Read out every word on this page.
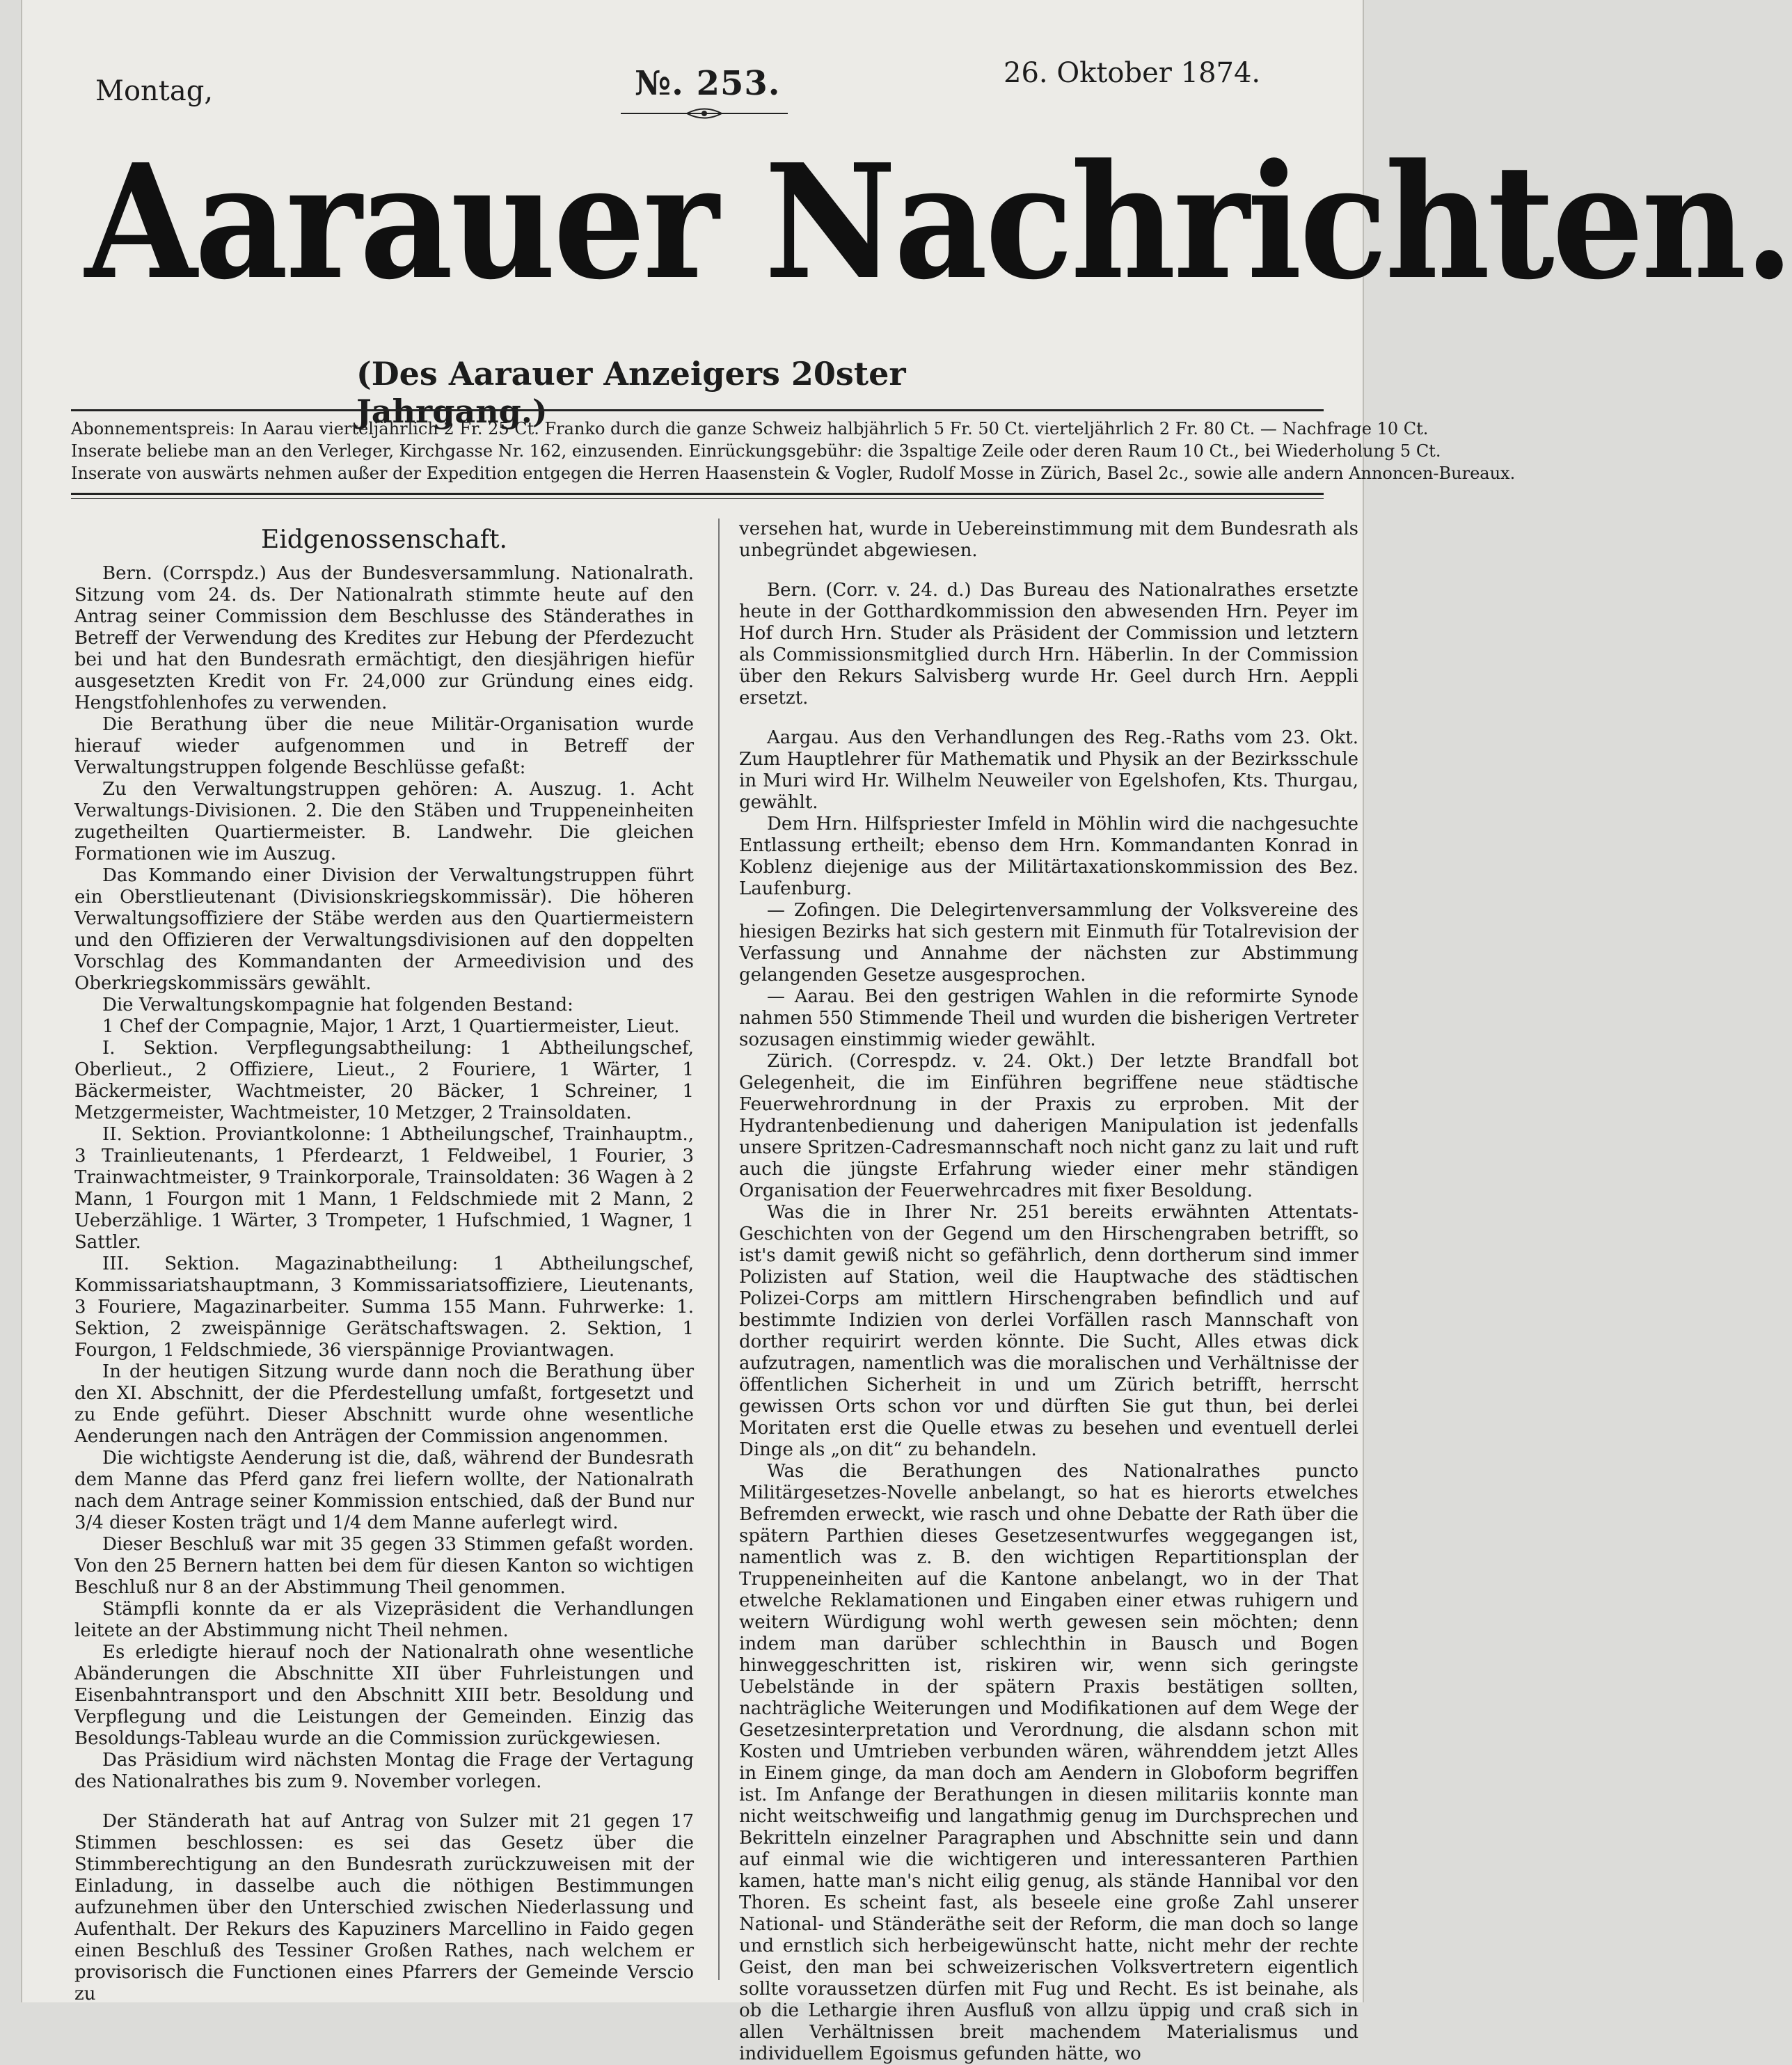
Montag,	№. 253.	26. Oktober 1874.
Aarauer Nachrichten.
(Des Aarauer Anzeigers 20ster Jahrgang.)
Abonnementspreis: In Aarau vierteljährlich 2 Fr. 25 Ct. Franko durch die ganze Schweiz halbjährlich 5 Fr. 50 Ct. vierteljährlich 2 Fr. 80 Ct. — Nachfrage 10 Ct.
Inserate beliebe man an den Verleger, Kirchgasse Nr. 162, einzusenden. Einrückungsgebühr: die 3spaltige Zeile oder deren Raum 10 Ct., bei Wiederholung 5 Ct.
Inserate von auswärts nehmen außer der Expedition entgegen die Herren Haasenstein & Vogler, Rudolf Mosse in Zürich, Basel 2c., sowie alle andern Annoncen-Bureaux.

Eidgenossenschaft.

Bern. (Corrspdz.) Aus der Bundesversammlung. Nationalrath. Sitzung vom 24. ds. Der Nationalrath stimmte heute auf den Antrag seiner Commission dem Beschlusse des Ständerathes in Betreff der Verwendung des Kredites zur Hebung der Pferdezucht bei und hat den Bundesrath ermächtigt, den diesjährigen hiefür ausgesetzten Kredit von Fr. 24,000 zur Gründung eines eidg. Hengstfohlenhofes zu verwenden.

Die Berathung über die neue Militär-Organisation wurde hierauf wieder aufgenommen und in Betreff der Verwaltungstruppen folgende Beschlüsse gefaßt:

Zu den Verwaltungstruppen gehören: A. Auszug. 1. Acht Verwaltungs-Divisionen. 2. Die den Stäben und Truppeneinheiten zugetheilten Quartiermeister. B. Landwehr. Die gleichen Formationen wie im Auszug.

Das Kommando einer Division der Verwaltungstruppen führt ein Oberstlieutenant (Divisionskriegskommissär). Die höheren Verwaltungsoffiziere der Stäbe werden aus den Quartiermeistern und den Offizieren der Verwaltungsdivisionen auf den doppelten Vorschlag des Kommandanten der Armeedivision und des Oberkriegskommissärs gewählt.

Die Verwaltungskompagnie hat folgenden Bestand:

1 Chef der Compagnie, Major, 1 Arzt, 1 Quartiermeister, Lieut.

I. Sektion. Verpflegungsabtheilung: 1 Abtheilungschef, Oberlieut., 2 Offiziere, Lieut., 2 Fouriere, 1 Wärter, 1 Bäckermeister, Wachtmeister, 20 Bäcker, 1 Schreiner, 1 Metzgermeister, Wachtmeister, 10 Metzger, 2 Trainsoldaten.

II. Sektion. Proviantkolonne: 1 Abtheilungschef, Trainhauptm., 3 Trainlieutenants, 1 Pferdearzt, 1 Feldweibel, 1 Fourier, 3 Trainwachtmeister, 9 Trainkorporale, Trainsoldaten: 36 Wagen à 2 Mann, 1 Fourgon mit 1 Mann, 1 Feldschmiede mit 2 Mann, 2 Ueberzählige. 1 Wärter, 3 Trompeter, 1 Hufschmied, 1 Wagner, 1 Sattler.

III. Sektion. Magazinabtheilung: 1 Abtheilungschef, Kommissariatshauptmann, 3 Kommissariatsoffiziere, Lieutenants, 3 Fouriere, Magazinarbeiter. Summa 155 Mann. Fuhrwerke: 1. Sektion, 2 zweispännige Gerätschaftswagen. 2. Sektion, 1 Fourgon, 1 Feldschmiede, 36 vierspännige Proviantwagen.

In der heutigen Sitzung wurde dann noch die Berathung über den XI. Abschnitt, der die Pferdestellung umfaßt, fortgesetzt und zu Ende geführt. Dieser Abschnitt wurde ohne wesentliche Aenderungen nach den Anträgen der Commission angenommen.

Die wichtigste Aenderung ist die, daß, während der Bundesrath dem Manne das Pferd ganz frei liefern wollte, der Nationalrath nach dem Antrage seiner Kommission entschied, daß der Bund nur 3/4 dieser Kosten trägt und 1/4 dem Manne auferlegt wird.

Dieser Beschluß war mit 35 gegen 33 Stimmen gefaßt worden. Von den 25 Bernern hatten bei dem für diesen Kanton so wichtigen Beschluß nur 8 an der Abstimmung Theil genommen.

Stämpfli konnte da er als Vizepräsident die Verhandlungen leitete an der Abstimmung nicht Theil nehmen.

Es erledigte hierauf noch der Nationalrath ohne wesentliche Abänderungen die Abschnitte XII über Fuhrleistungen und Eisenbahntransport und den Abschnitt XIII betr. Besoldung und Verpflegung und die Leistungen der Gemeinden. Einzig das Besoldungs-Tableau wurde an die Commission zurückgewiesen.

Das Präsidium wird nächsten Montag die Frage der Vertagung des Nationalrathes bis zum 9. November vorlegen.

Der Ständerath hat auf Antrag von Sulzer mit 21 gegen 17 Stimmen beschlossen: es sei das Gesetz über die Stimmberechtigung an den Bundesrath zurückzuweisen mit der Einladung, in dasselbe auch die nöthigen Bestimmungen aufzunehmen über den Unterschied zwischen Niederlassung und Aufenthalt. Der Rekurs des Kapuziners Marcellino in Faido gegen einen Beschluß des Tessiner Großen Rathes, nach welchem er provisorisch die Functionen eines Pfarrers der Gemeinde Verscio zu

versehen hat, wurde in Uebereinstimmung mit dem Bundesrath als unbegründet abgewiesen.

Bern. (Corr. v. 24. d.) Das Bureau des Nationalrathes ersetzte heute in der Gotthardkommission den abwesenden Hrn. Peyer im Hof durch Hrn. Studer als Präsident der Commission und letztern als Commissionsmitglied durch Hrn. Häberlin. In der Commission über den Rekurs Salvisberg wurde Hr. Geel durch Hrn. Aeppli ersetzt.

Aargau. Aus den Verhandlungen des Reg.-Raths vom 23. Okt. Zum Hauptlehrer für Mathematik und Physik an der Bezirksschule in Muri wird Hr. Wilhelm Neuweiler von Egelshofen, Kts. Thurgau, gewählt.

Dem Hrn. Hilfspriester Imfeld in Möhlin wird die nachgesuchte Entlassung ertheilt; ebenso dem Hrn. Kommandanten Konrad in Koblenz diejenige aus der Militärtaxationskommission des Bez. Laufenburg.

— Zofingen. Die Delegirtenversammlung der Volksvereine des hiesigen Bezirks hat sich gestern mit Einmuth für Totalrevision der Verfassung und Annahme der nächsten zur Abstimmung gelangenden Gesetze ausgesprochen.

— Aarau. Bei den gestrigen Wahlen in die reformirte Synode nahmen 550 Stimmende Theil und wurden die bisherigen Vertreter sozusagen einstimmig wieder gewählt.

Zürich. (Correspdz. v. 24. Okt.) Der letzte Brandfall bot Gelegenheit, die im Einführen begriffene neue städtische Feuerwehrordnung in der Praxis zu erproben. Mit der Hydrantenbedienung und daherigen Manipulation ist jedenfalls unsere Spritzen-Cadresmannschaft noch nicht ganz zu lait und ruft auch die jüngste Erfahrung wieder einer mehr ständigen Organisation der Feuerwehrcadres mit fixer Besoldung.

Was die in Ihrer Nr. 251 bereits erwähnten Attentats-Geschichten von der Gegend um den Hirschengraben betrifft, so ist's damit gewiß nicht so gefährlich, denn dortherum sind immer Polizisten auf Station, weil die Hauptwache des städtischen Polizei-Corps am mittlern Hirschengraben befindlich und auf bestimmte Indizien von derlei Vorfällen rasch Mannschaft von dorther requirirt werden könnte. Die Sucht, Alles etwas dick aufzutragen, namentlich was die moralischen und Verhältnisse der öffentlichen Sicherheit in und um Zürich betrifft, herrscht gewissen Orts schon vor und dürften Sie gut thun, bei derlei Moritaten erst die Quelle etwas zu besehen und eventuell derlei Dinge als „on dit“ zu behandeln.

Was die Berathungen des Nationalrathes puncto Militärgesetzes-Novelle anbelangt, so hat es hierorts etwelches Befremden erweckt, wie rasch und ohne Debatte der Rath über die spätern Parthien dieses Gesetzesentwurfes weggegangen ist, namentlich was z. B. den wichtigen Repartitionsplan der Truppeneinheiten auf die Kantone anbelangt, wo in der That etwelche Reklamationen und Eingaben einer etwas ruhigern und weitern Würdigung wohl werth gewesen sein möchten; denn indem man darüber schlechthin in Bausch und Bogen hinweggeschritten ist, riskiren wir, wenn sich geringste Uebelstände in der spätern Praxis bestätigen sollten, nachträgliche Weiterungen und Modifikationen auf dem Wege der Gesetzesinterpretation und Verordnung, die alsdann schon mit Kosten und Umtrieben verbunden wären, währenddem jetzt Alles in Einem ginge, da man doch am Aendern in Globoform begriffen ist. Im Anfange der Berathungen in diesen militariis konnte man nicht weitschweifig und langathmig genug im Durchsprechen und Bekritteln einzelner Paragraphen und Abschnitte sein und dann auf einmal wie die wichtigeren und interessanteren Parthien kamen, hatte man's nicht eilig genug, als stände Hannibal vor den Thoren. Es scheint fast, als beseele eine große Zahl unserer National- und Ständeräthe seit der Reform, die man doch so lange und ernstlich sich herbeigewünscht hatte, nicht mehr der rechte Geist, den man bei schweizerischen Volksvertretern eigentlich sollte voraussetzen dürfen mit Fug und Recht. Es ist beinahe, als ob die Lethargie ihren Ausfluß von allzu üppig und craß sich in allen Verhältnissen breit machendem Materialismus und individuellem Egoismus gefunden hätte, wo
